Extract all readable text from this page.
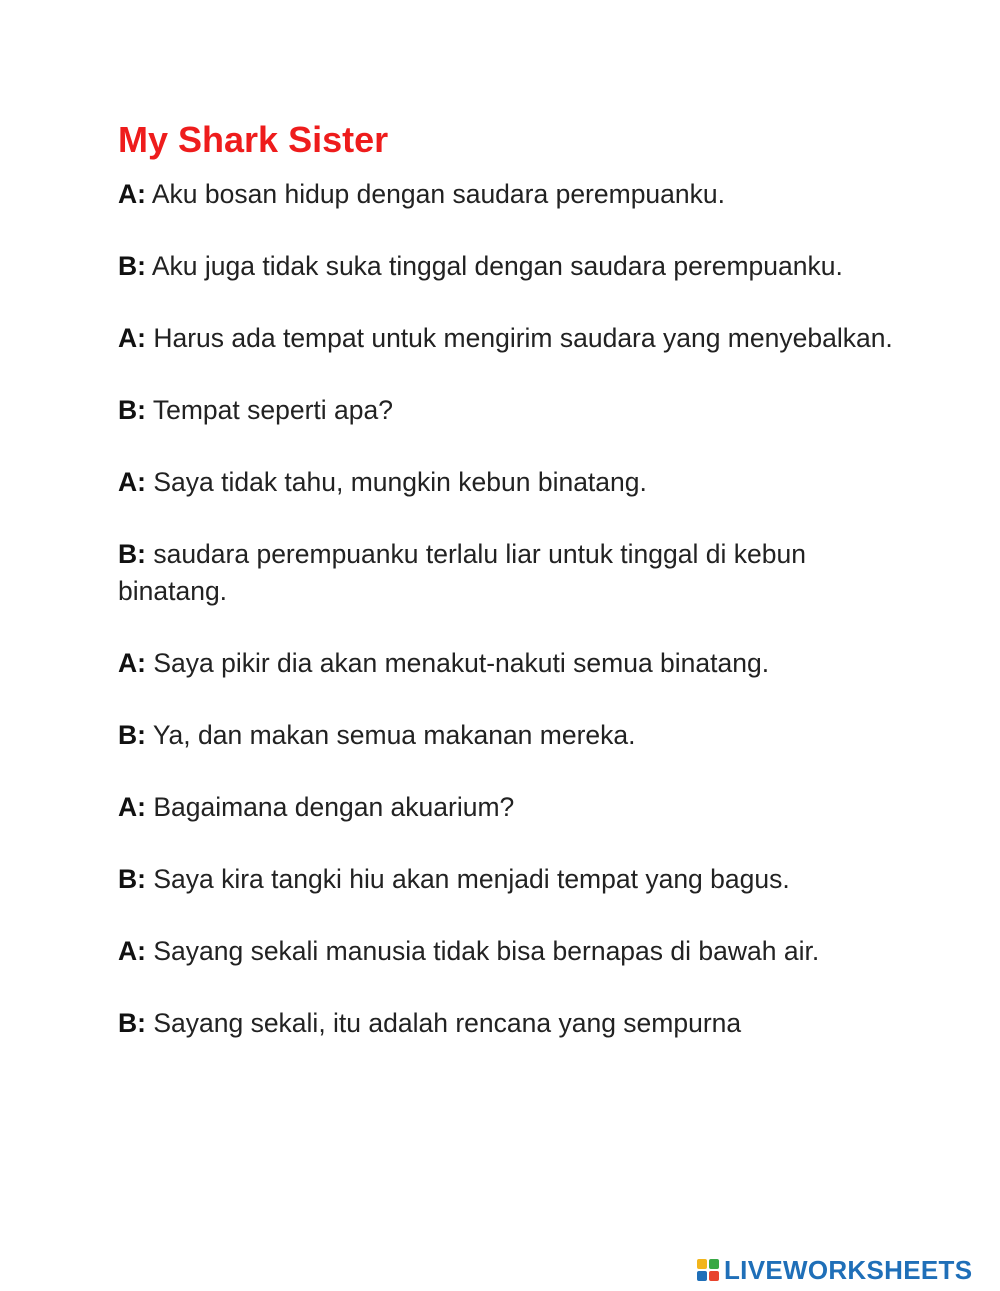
My Shark Sister

A: Aku bosan hidup dengan saudara perempuanku.

B: Aku juga tidak suka tinggal dengan saudara perempuanku.

A: Harus ada tempat untuk mengirim saudara yang menyebalkan.

B: Tempat seperti apa?

A: Saya tidak tahu, mungkin kebun binatang.

B: saudara perempuanku terlalu liar untuk tinggal di kebun binatang.

A: Saya pikir dia akan menakut-nakuti semua binatang.

B: Ya, dan makan semua makanan mereka.

A: Bagaimana dengan akuarium?

B: Saya kira tangki hiu akan menjadi tempat yang bagus.

A: Sayang sekali manusia tidak bisa bernapas di bawah air.

B: Sayang sekali, itu adalah rencana yang sempurna

LIVEWORKSHEETS
